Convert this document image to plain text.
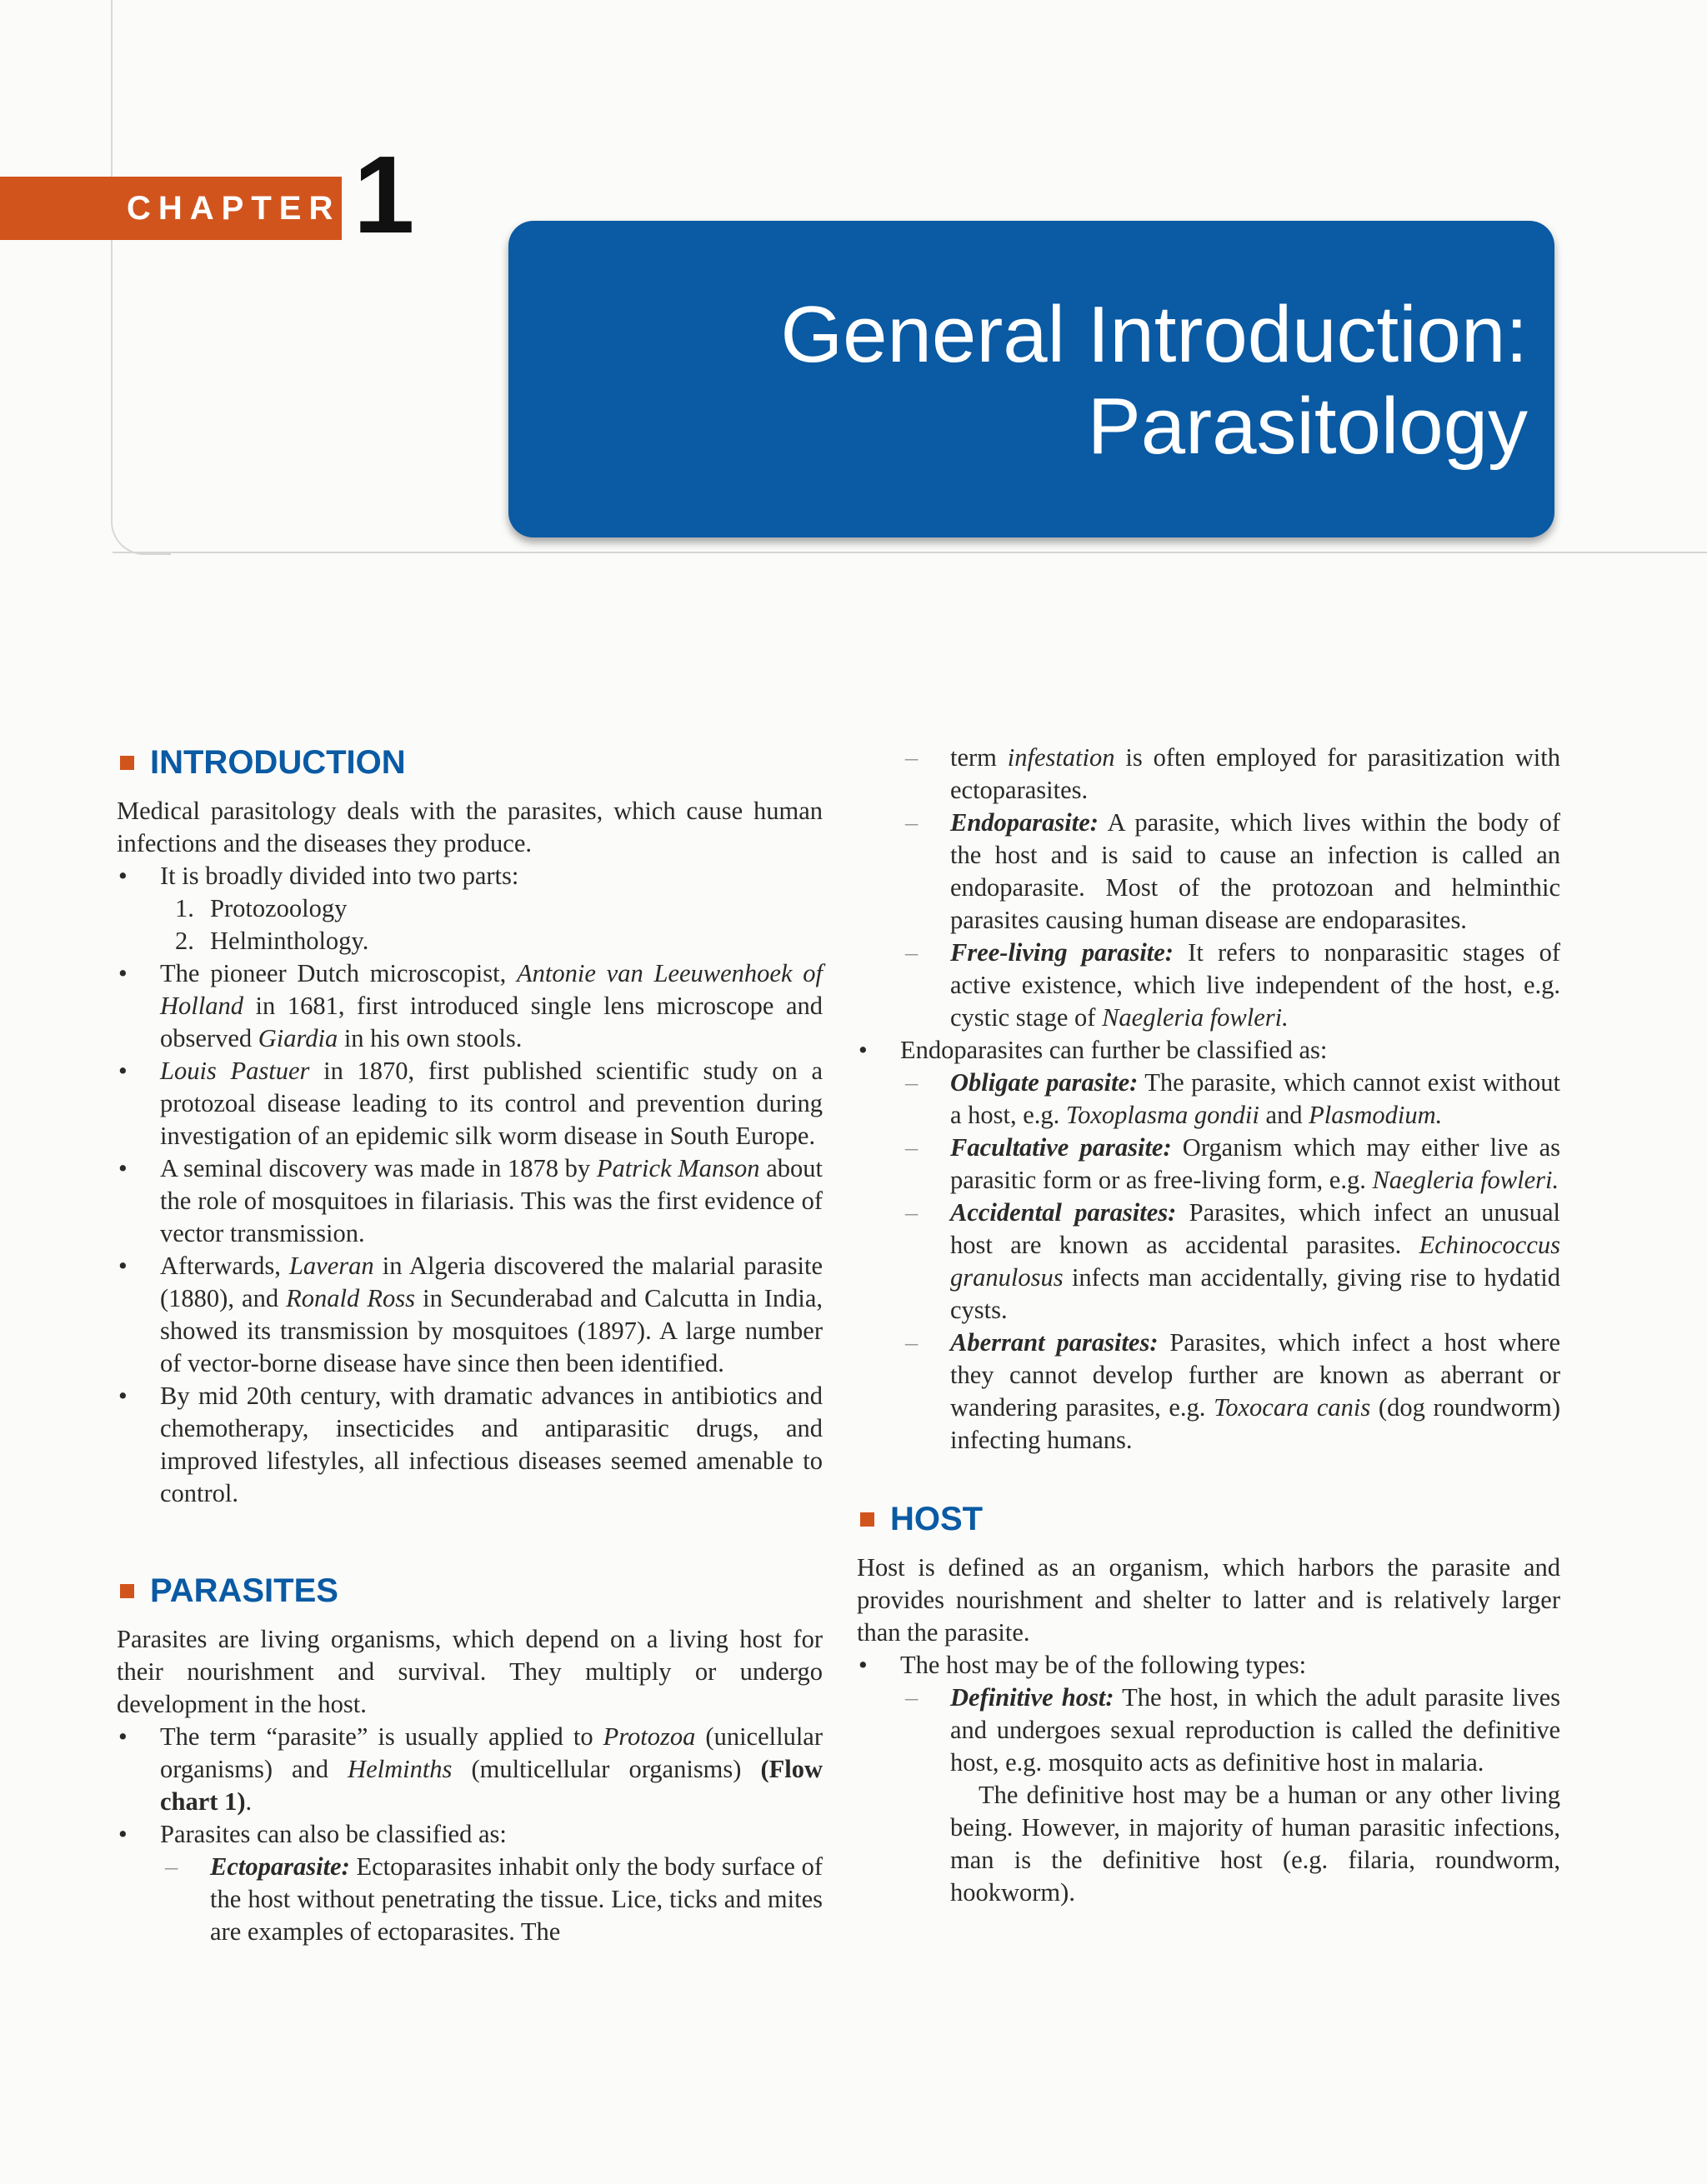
CHAPTER 1
General Introduction:
Parasitology
INTRODUCTION

Medical parasitology deals with the parasites, which cause human infections and the diseases they produce.

• It is broadly divided into two parts:
1. Protozoology
2. Helminthology.
• The pioneer Dutch microscopist, Antonie van Leeuwenhoek of Holland in 1681, first introduced single lens microscope and observed Giardia in his own stools.
• Louis Pastuer in 1870, first published scientific study on a protozoal disease leading to its control and prevention during investigation of an epidemic silk worm disease in South Europe.
• A seminal discovery was made in 1878 by Patrick Manson about the role of mosquitoes in filariasis. This was the first evidence of vector transmission.
• Afterwards, Laveran in Algeria discovered the malarial parasite (1880), and Ronald Ross in Secunderabad and Calcutta in India, showed its transmission by mosquitoes (1897). A large number of vector-borne disease have since then been identified.
• By mid 20th century, with dramatic advances in antibiotics and chemotherapy, insecticides and antiparasitic drugs, and improved lifestyles, all infectious diseases seemed amenable to control.
PARASITES

Parasites are living organisms, which depend on a living host for their nourishment and survival. They multiply or undergo development in the host.

• The term “parasite” is usually applied to Protozoa (unicellular organisms) and Helminths (multicellular organisms) (Flow chart 1).
• Parasites can also be classified as:
– Ectoparasite: Ectoparasites inhabit only the body surface of the host without penetrating the tissue. Lice, ticks and mites are examples of ectoparasites. The
– term infestation is often employed for parasitization with ectoparasites.
– Endoparasite: A parasite, which lives within the body of the host and is said to cause an infection is called an endoparasite. Most of the protozoan and helminthic parasites causing human disease are endoparasites.
– Free-living parasite: It refers to nonparasitic stages of active existence, which live independent of the host, e.g. cystic stage of Naegleria fowleri.
• Endoparasites can further be classified as:
– Obligate parasite: The parasite, which cannot exist without a host, e.g. Toxoplasma gondii and Plasmodium.
– Facultative parasite: Organism which may either live as parasitic form or as free-living form, e.g. Naegleria fowleri.
– Accidental parasites: Parasites, which infect an unusual host are known as accidental parasites. Echinococcus granulosus infects man accidentally, giving rise to hydatid cysts.
– Aberrant parasites: Parasites, which infect a host where they cannot develop further are known as aberrant or wandering parasites, e.g. Toxocara canis (dog roundworm) infecting humans.
HOST

Host is defined as an organism, which harbors the parasite and provides nourishment and shelter to latter and is relatively larger than the parasite.

• The host may be of the following types:
– Definitive host: The host, in which the adult parasite lives and undergoes sexual reproduction is called the definitive host, e.g. mosquito acts as definitive host in malaria.

The definitive host may be a human or any other living being. However, in majority of human parasitic infections, man is the definitive host (e.g. filaria, roundworm, hookworm).
